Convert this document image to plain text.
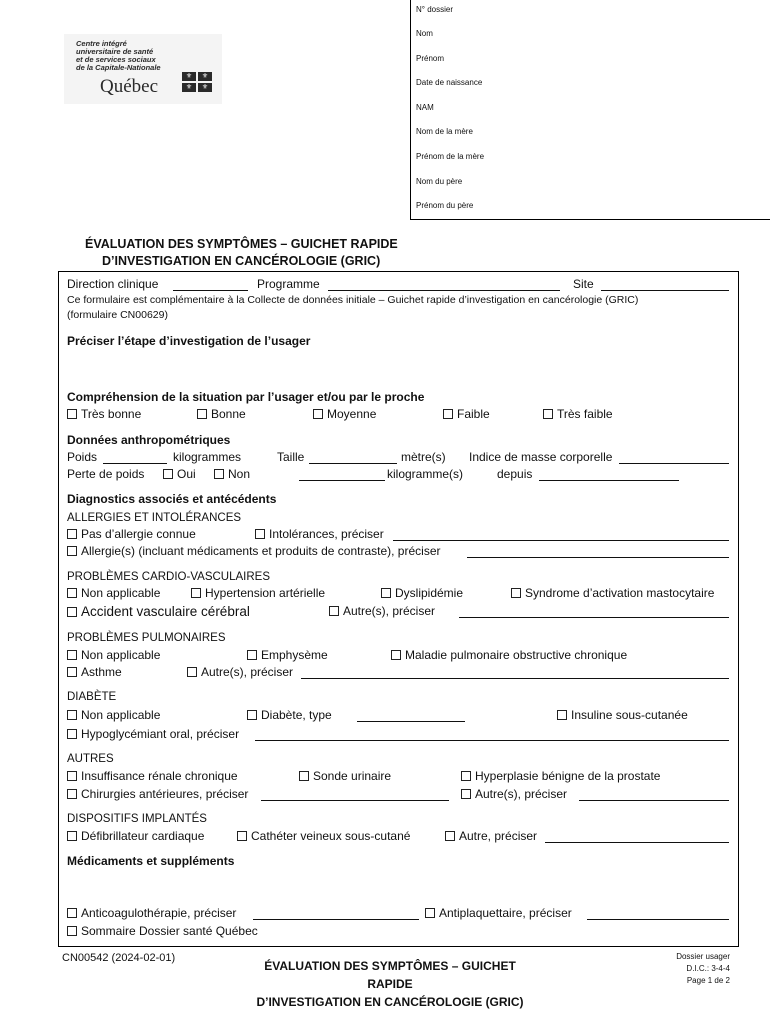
Centre intégré
universitaire de santé
et de services sociaux
de la Capitale-Nationale
Québec	⚜	⚜
⚜	⚜
N° dossier
Nom
Prénom
Date de naissance
NAM
Nom de la mère
Prénom de la mère
Nom du père
Prénom du père
ÉVALUATION DES SYMPTÔMES – GUICHET RAPIDE
D’INVESTIGATION EN CANCÉROLOGIE (GRIC)
Direction clinique	Programme	Site
Ce formulaire est complémentaire à la Collecte de données initiale – Guichet rapide d’investigation en cancérologie (GRIC)
(formulaire CN00629)
Préciser l’étape d’investigation de l’usager
Compréhension de la situation par l’usager et/ou par le proche
Très bonne	Bonne	Moyenne	Faible	Très faible
Données anthropométriques
Poids	kilogrammes	Taille	mètre(s) Indice de masse corporelle
Perte de poids	Oui	Non	kilogramme(s)	depuis
Diagnostics associés et antécédents
ALLERGIES ET INTOLÉRANCES
Pas d’allergie connue	Intolérances, préciser
Allergie(s) (incluant médicaments et produits de contraste), préciser
PROBLÈMES CARDIO-VASCULAIRES
Non applicable	Hypertension artérielle	Dyslipidémie	Syndrome d’activation mastocytaire
Accident vasculaire cérébral	Autre(s), préciser
PROBLÈMES PULMONAIRES
Non applicable	Emphysème	Maladie pulmonaire obstructive chronique
Asthme	Autre(s), préciser
DIABÈTE
Non applicable	Diabète, type	Insuline sous-cutanée
Hypoglycémiant oral, préciser
AUTRES
Insuffisance rénale chronique	Sonde urinaire	Hyperplasie bénigne de la prostate
Chirurgies antérieures, préciser	Autre(s), préciser
DISPOSITIFS IMPLANTÉS
Défibrillateur cardiaque	Cathéter veineux sous-cutané	Autre, préciser
Médicaments et suppléments
Anticoagulothérapie, préciser	Antiplaquettaire, préciser
Sommaire Dossier santé Québec
CN00542 (2024-02-01)
ÉVALUATION DES SYMPTÔMES – GUICHET RAPIDE
D’INVESTIGATION EN CANCÉROLOGIE (GRIC)
Dossier usager
D.I.C.: 3-4-4
Page 1 de 2
